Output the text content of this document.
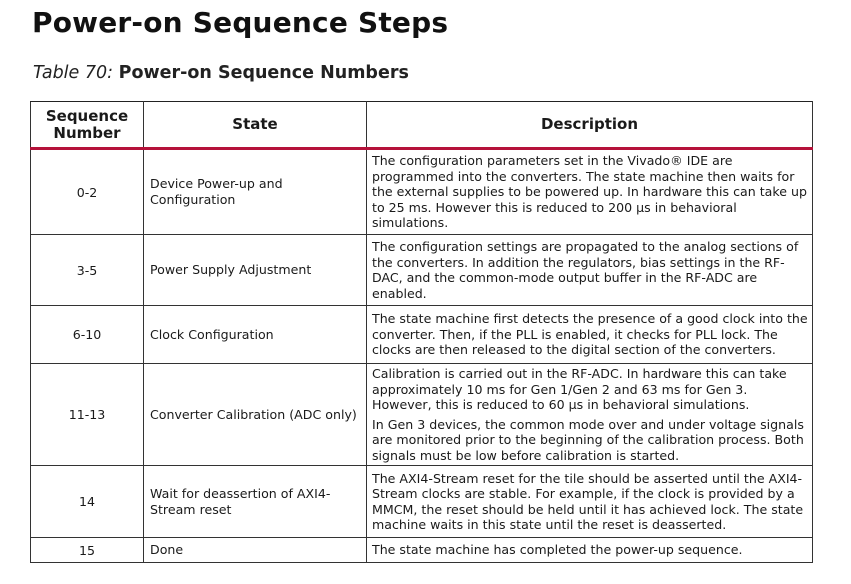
Power-on Sequence Steps
Table 70: Power-on Sequence Numbers
Sequence Number	State	Description
0-2	Device Power-up and Configuration	The configuration parameters set in the Vivado® IDE are programmed into the converters. The state machine then waits for the external supplies to be powered up. In hardware this can take up to 25 ms. However this is reduced to 200 µs in behavioral simulations.

3-5	Power Supply Adjustment	The configuration settings are propagated to the analog sections of the converters. In addition the regulators, bias settings in the RF-DAC, and the common-mode output buffer in the RF-ADC are enabled.

6-10	Clock Configuration	The state machine first detects the presence of a good clock into the converter. Then, if the PLL is enabled, it checks for PLL lock. The clocks are then released to the digital section of the converters.

11-13	Converter Calibration (ADC only)	Calibration is carried out in the RF-ADC. In hardware this can take approximately 10 ms for Gen 1/Gen 2 and 63 ms for Gen 3. However, this is reduced to 60 µs in behavioral simulations.

In Gen 3 devices, the common mode over and under voltage signals are monitored prior to the beginning of the calibration process. Both signals must be low before calibration is started.

14	Wait for deassertion of AXI4-Stream reset	The AXI4-Stream reset for the tile should be asserted until the AXI4-Stream clocks are stable. For example, if the clock is provided by a MMCM, the reset should be held until it has achieved lock. The state machine waits in this state until the reset is deasserted.

15	Done	The state machine has completed the power-up sequence.
